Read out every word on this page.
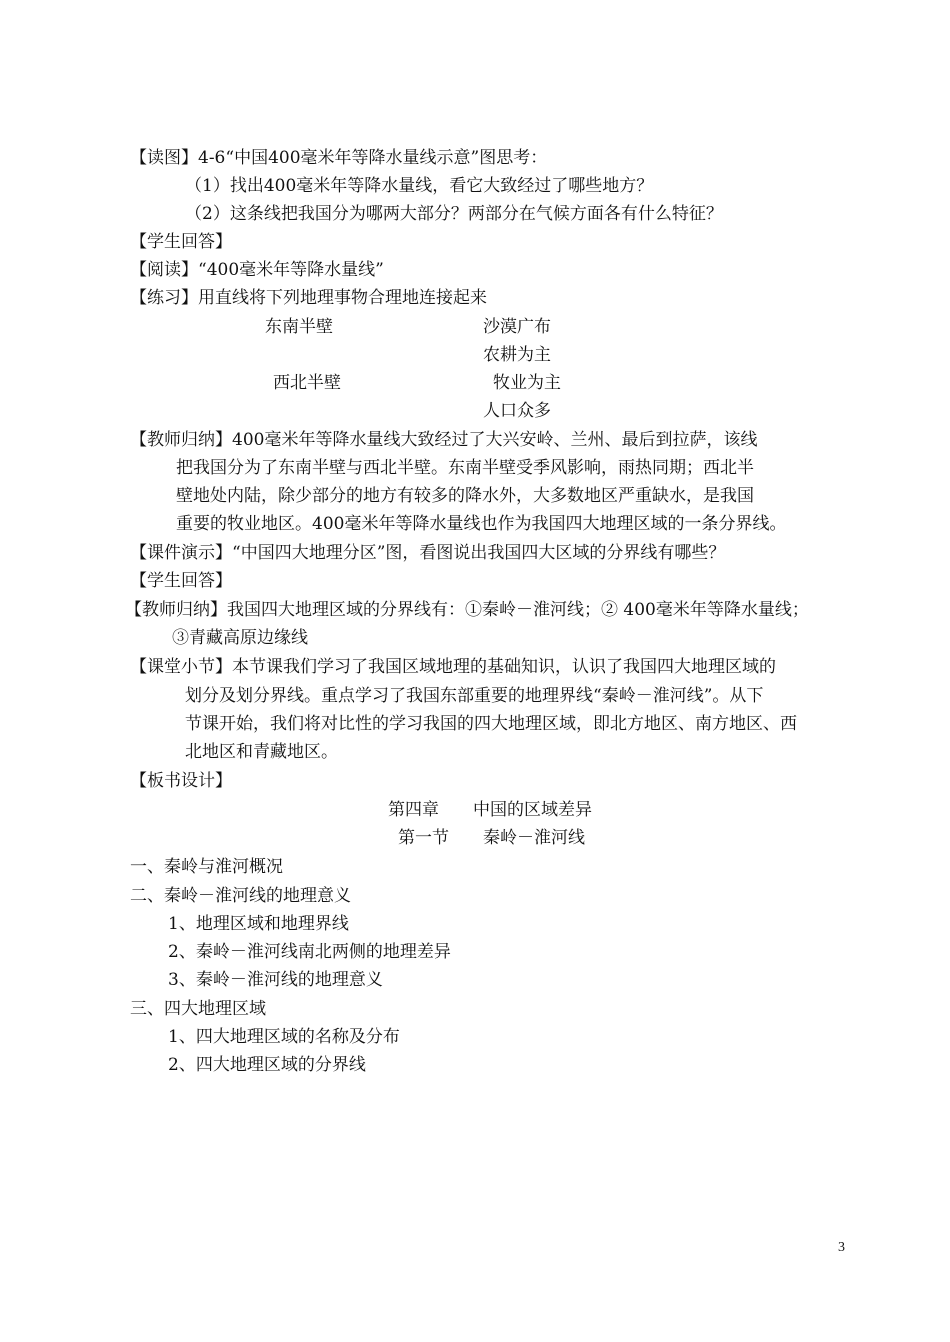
【读图】4-6“中国400毫米年等降水量线示意”图思考：
（1）找出400毫米年等降水量线，看它大致经过了哪些地方？
（2）这条线把我国分为哪两大部分？两部分在气候方面各有什么特征？
【学生回答】
【阅读】“400毫米年等降水量线”
【练习】用直线将下列地理事物合理地连接起来
东南半壁	沙漠广布
农耕为主
西北半壁	牧业为主
人口众多
【教师归纳】400毫米年等降水量线大致经过了大兴安岭、兰州、最后到拉萨，该线
把我国分为了东南半壁与西北半壁。东南半壁受季风影响，雨热同期；西北半
壁地处内陆，除少部分的地方有较多的降水外，大多数地区严重缺水，是我国
重要的牧业地区。400毫米年等降水量线也作为我国四大地理区域的一条分界线。
【课件演示】“中国四大地理分区”图，看图说出我国四大区域的分界线有哪些？
【学生回答】
【教师归纳】我国四大地理区域的分界线有：①秦岭－淮河线；② 400毫米年等降水量线；
③青藏高原边缘线
【课堂小节】本节课我们学习了我国区域地理的基础知识，认识了我国四大地理区域的
划分及划分界线。重点学习了我国东部重要的地理界线“秦岭－淮河线”。从下
节课开始，我们将对比性的学习我国的四大地理区域，即北方地区、南方地区、西
北地区和青藏地区。
【板书设计】
第四章　　中国的区域差异
第一节　　秦岭－淮河线
一、秦岭与淮河概况
二、秦岭－淮河线的地理意义
1、地理区域和地理界线
2、秦岭－淮河线南北两侧的地理差异
3、秦岭－淮河线的地理意义
三、四大地理区域
1、四大地理区域的名称及分布
2、四大地理区域的分界线
3
